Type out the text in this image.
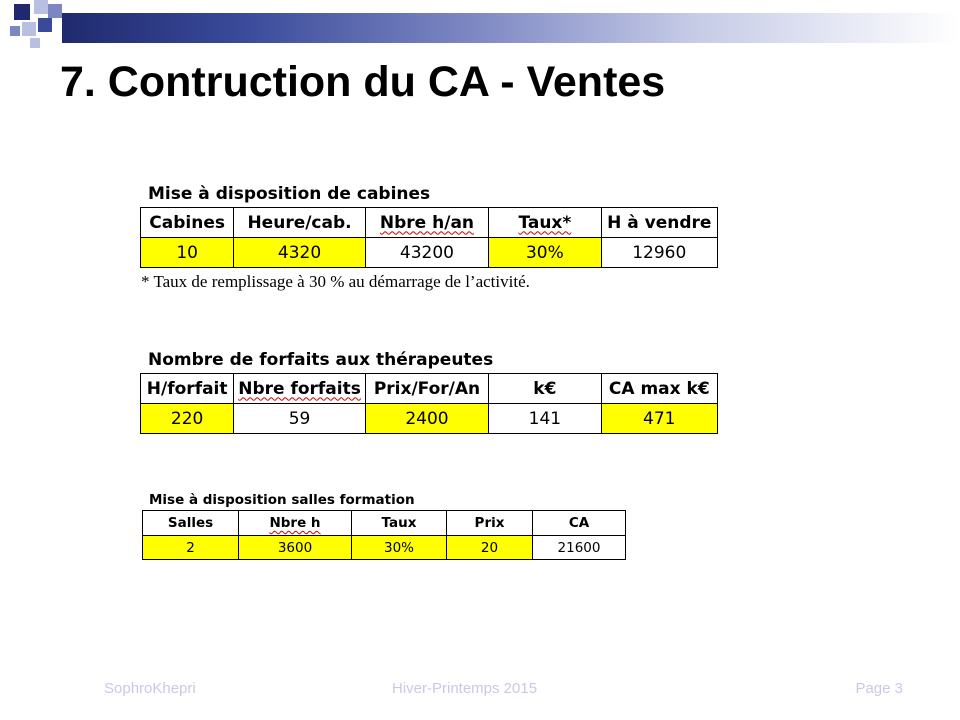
7. Contruction du CA - Ventes
Mise à disposition de cabines
Cabines	Heure/cab.	Nbre h/an	Taux*	H à vendre
10	4320	43200	30%	12960
* Taux de remplissage à 30 % au démarrage de l’activité.
Nombre de forfaits aux thérapeutes
H/forfait	Nbre forfaits	Prix/For/An	k€	CA max k€
220	59	2400	141	471
Mise à disposition salles formation
Salles	Nbre h	Taux	Prix	CA
2	3600	30%	20	21600
SophroKhepri	Hiver-Printemps 2015	Page 3
